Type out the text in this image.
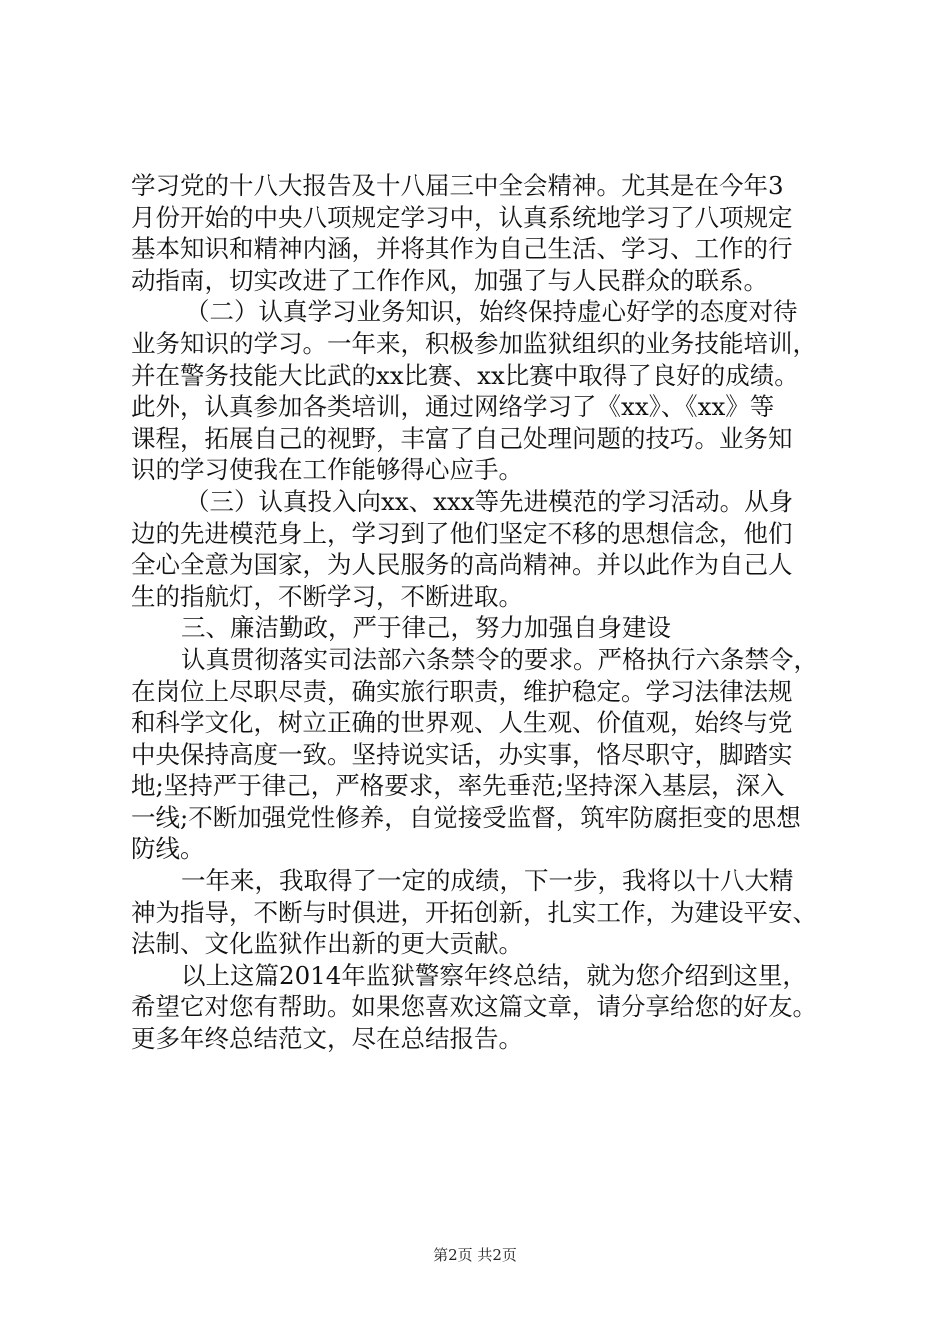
学习党的十八大报告及十八届三中全会精神。尤其是在今年3
月份开始的中央八项规定学习中，认真系统地学习了八项规定
基本知识和精神内涵，并将其作为自己生活、学习、工作的行
动指南，切实改进了工作作风，加强了与人民群众的联系。
（二）认真学习业务知识，始终保持虚心好学的态度对待
业务知识的学习。一年来，积极参加监狱组织的业务技能培训，
并在警务技能大比武的xx比赛、xx比赛中取得了良好的成绩。
此外，认真参加各类培训，通过网络学习了《xx》、《xx》等
课程，拓展自己的视野，丰富了自己处理问题的技巧。业务知
识的学习使我在工作能够得心应手。
（三）认真投入向xx、xxx等先进模范的学习活动。从身
边的先进模范身上，学习到了他们坚定不移的思想信念，他们
全心全意为国家，为人民服务的高尚精神。并以此作为自己人
生的指航灯，不断学习，不断进取。
三、廉洁勤政，严于律己，努力加强自身建设
认真贯彻落实司法部六条禁令的要求。严格执行六条禁令，
在岗位上尽职尽责，确实旅行职责，维护稳定。学习法律法规
和科学文化，树立正确的世界观、人生观、价值观，始终与党
中央保持高度一致。坚持说实话，办实事，恪尽职守，脚踏实
地;坚持严于律己，严格要求，率先垂范;坚持深入基层，深入
一线;不断加强党性修养，自觉接受监督，筑牢防腐拒变的思想
防线。
一年来，我取得了一定的成绩，下一步，我将以十八大精
神为指导，不断与时俱进，开拓创新，扎实工作，为建设平安、
法制、文化监狱作出新的更大贡献。
以上这篇2014年监狱警察年终总结，就为您介绍到这里，
希望它对您有帮助。如果您喜欢这篇文章，请分享给您的好友。
更多年终总结范文，尽在总结报告。
第2页 共2页
